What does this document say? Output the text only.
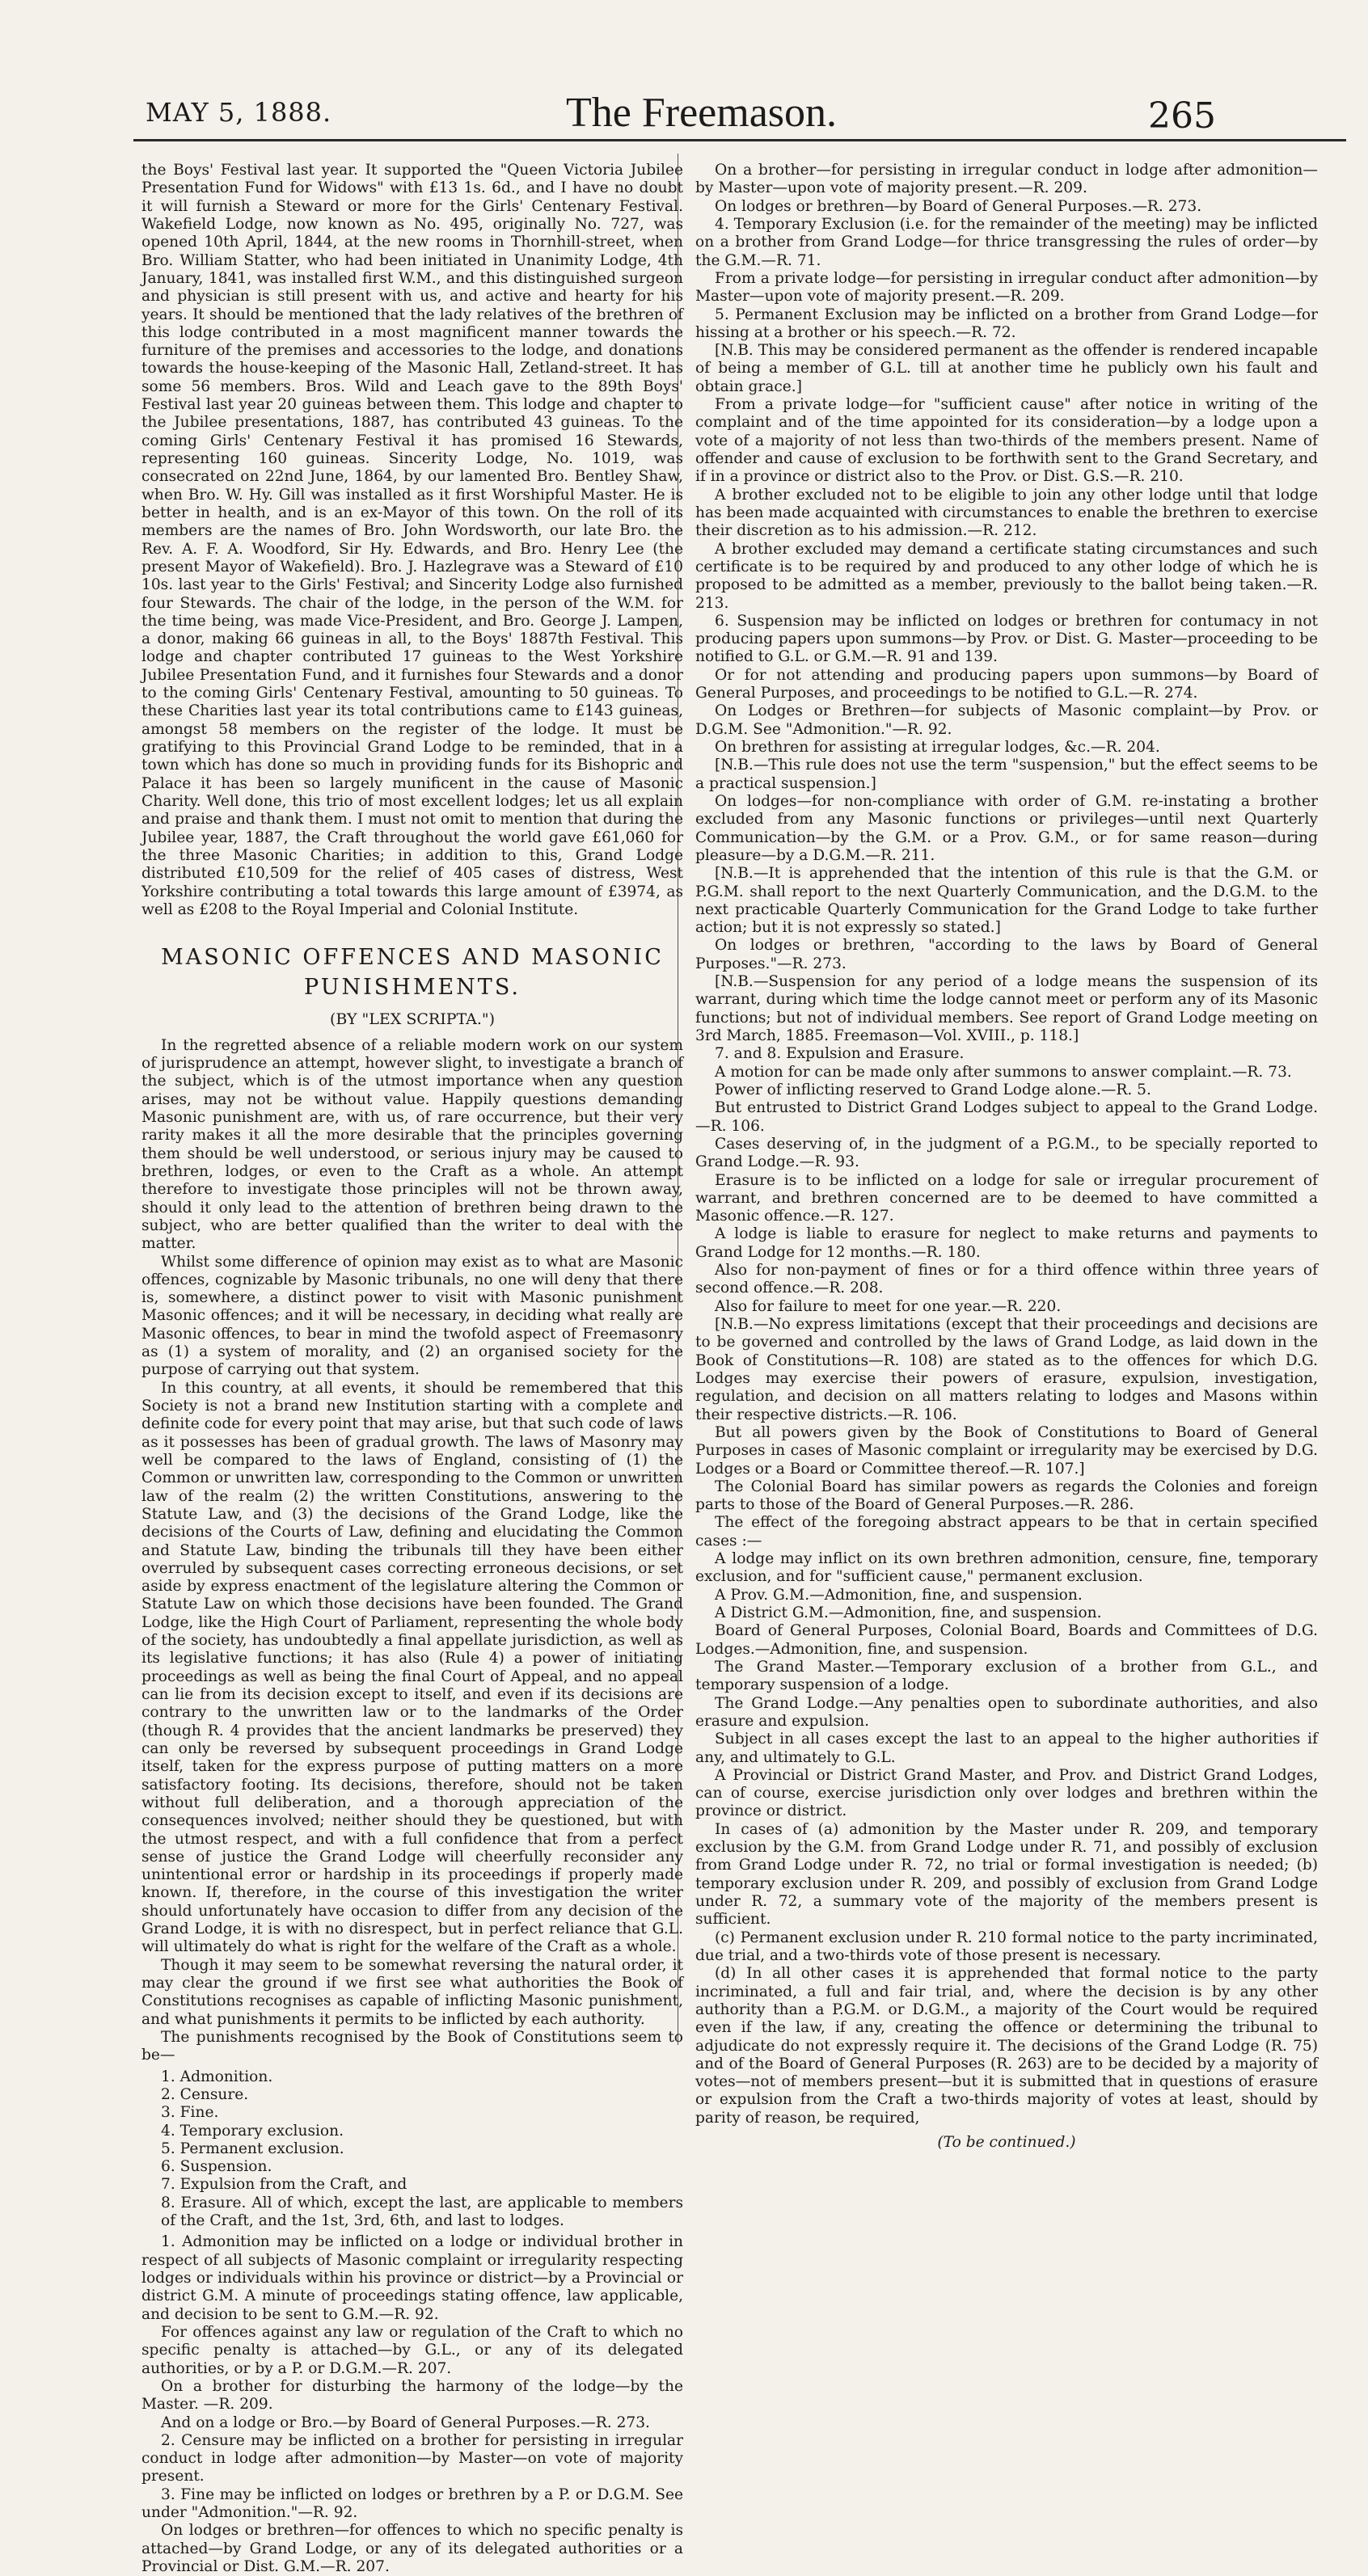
MAY 5, 1888.	The Freemason.	265

the Boys' Festival last year. It supported the "Queen Victoria Jubilee Presentation Fund for Widows" with £13 1s. 6d., and I have no doubt it will furnish a Steward or more for the Girls' Centenary Festival. Wakefield Lodge, now known as No. 495, originally No. 727, was opened 10th April, 1844, at the new rooms in Thornhill-street, when Bro. William Statter, who had been initiated in Unanimity Lodge, 4th January, 1841, was installed first W.M., and this distinguished surgeon and physician is still present with us, and active and hearty for his years. It should be mentioned that the lady relatives of the brethren of this lodge contributed in a most magnificent manner towards the furniture of the premises and accessories to the lodge, and donations towards the house-keeping of the Masonic Hall, Zetland-street. It has some 56 members. Bros. Wild and Leach gave to the 89th Boys' Festival last year 20 guineas between them. This lodge and chapter to the Jubilee presentations, 1887, has contributed 43 guineas. To the coming Girls' Centenary Festival it has promised 16 Stewards, representing 160 guineas. Sincerity Lodge, No. 1019, was consecrated on 22nd June, 1864, by our lamented Bro. Bentley Shaw, when Bro. W. Hy. Gill was installed as it first Worshipful Master. He is better in health, and is an ex-Mayor of this town. On the roll of its members are the names of Bro. John Wordsworth, our late Bro. the Rev. A. F. A. Woodford, Sir Hy. Edwards, and Bro. Henry Lee (the present Mayor of Wakefield). Bro. J. Hazlegrave was a Steward of £10 10s. last year to the Girls' Festival; and Sincerity Lodge also furnished four Stewards. The chair of the lodge, in the person of the W.M. for the time being, was made Vice-President, and Bro. George J. Lampen, a donor, making 66 guineas in all, to the Boys' 1887th Festival. This lodge and chapter contributed 17 guineas to the West Yorkshire Jubilee Presentation Fund, and it furnishes four Stewards and a donor to the coming Girls' Centenary Festival, amounting to 50 guineas. To these Charities last year its total contributions came to £143 guineas, amongst 58 members on the register of the lodge. It must be gratifying to this Provincial Grand Lodge to be reminded, that in a town which has done so much in providing funds for its Bishopric and Palace it has been so largely munificent in the cause of Masonic Charity. Well done, this trio of most excellent lodges; let us all explain and praise and thank them. I must not omit to mention that during the Jubilee year, 1887, the Craft throughout the world gave £61,060 for the three Masonic Charities; in addition to this, Grand Lodge distributed £10,509 for the relief of 405 cases of distress, West Yorkshire contributing a total towards this large amount of £3974, as well as £208 to the Royal Imperial and Colonial Institute.

MASONIC OFFENCES AND MASONIC PUNISHMENTS.
(BY "LEX SCRIPTA.")

In the regretted absence of a reliable modern work on our system of jurisprudence an attempt, however slight, to investigate a branch of the subject, which is of the utmost importance when any question arises, may not be without value. Happily questions demanding Masonic punishment are, with us, of rare occurrence, but their very rarity makes it all the more desirable that the principles governing them should be well understood, or serious injury may be caused to brethren, lodges, or even to the Craft as a whole. An attempt therefore to investigate those principles will not be thrown away, should it only lead to the attention of brethren being drawn to the subject, who are better qualified than the writer to deal with the matter.

Whilst some difference of opinion may exist as to what are Masonic offences, cognizable by Masonic tribunals, no one will deny that there is, somewhere, a distinct power to visit with Masonic punishment Masonic offences; and it will be necessary, in deciding what really are Masonic offences, to bear in mind the twofold aspect of Freemasonry as (1) a system of morality, and (2) an organised society for the purpose of carrying out that system.

In this country, at all events, it should be remembered that this Society is not a brand new Institution starting with a complete and definite code for every point that may arise, but that such code of laws as it possesses has been of gradual growth. The laws of Masonry may well be compared to the laws of England, consisting of (1) the Common or unwritten law, corresponding to the Common or unwritten law of the realm (2) the written Constitutions, answering to the Statute Law, and (3) the decisions of the Grand Lodge, like the decisions of the Courts of Law, defining and elucidating the Common and Statute Law, binding the tribunals till they have been either overruled by subsequent cases correcting erroneous decisions, or set aside by express enactment of the legislature altering the Common or Statute Law on which those decisions have been founded. The Grand Lodge, like the High Court of Parliament, representing the whole body of the society, has undoubtedly a final appellate jurisdiction, as well as its legislative functions; it has also (Rule 4) a power of initiating proceedings as well as being the final Court of Appeal, and no appeal can lie from its decision except to itself, and even if its decisions are contrary to the unwritten law or to the landmarks of the Order (though R. 4 provides that the ancient landmarks be preserved) they can only be reversed by subsequent proceedings in Grand Lodge itself, taken for the express purpose of putting matters on a more satisfactory footing. Its decisions, therefore, should not be taken without full deliberation, and a thorough appreciation of the consequences involved; neither should they be questioned, but with the utmost respect, and with a full confidence that from a perfect sense of justice the Grand Lodge will cheerfully reconsider any unintentional error or hardship in its proceedings if properly made known. If, therefore, in the course of this investigation the writer should unfortunately have occasion to differ from any decision of the Grand Lodge, it is with no disrespect, but in perfect reliance that G.L. will ultimately do what is right for the welfare of the Craft as a whole.

Though it may seem to be somewhat reversing the natural order, it may clear the ground if we first see what authorities the Book of Constitutions recognises as capable of inflicting Masonic punishment, and what punishments it permits to be inflicted by each authority.

The punishments recognised by the Book of Constitutions seem to be—

1. Admonition.
2. Censure.
3. Fine.
4. Temporary exclusion.
5. Permanent exclusion.
6. Suspension.
7. Expulsion from the Craft, and
8. Erasure. All of which, except the last, are applicable to members of the Craft, and the 1st, 3rd, 6th, and last to lodges.

1. Admonition may be inflicted on a lodge or individual brother in respect of all subjects of Masonic complaint or irregularity respecting lodges or individuals within his province or district—by a Provincial or district G.M. A minute of proceedings stating offence, law applicable, and decision to be sent to G.M.—R. 92.

For offences against any law or regulation of the Craft to which no specific penalty is attached—by G.L., or any of its delegated authorities, or by a P. or D.G.M.—R. 207.

On a brother for disturbing the harmony of the lodge—by the Master. —R. 209.

And on a lodge or Bro.—by Board of General Purposes.—R. 273.

2. Censure may be inflicted on a brother for persisting in irregular conduct in lodge after admonition—by Master—on vote of majority present.

3. Fine may be inflicted on lodges or brethren by a P. or D.G.M. See under "Admonition."—R. 92.

On lodges or brethren—for offences to which no specific penalty is attached—by Grand Lodge, or any of its delegated authorities or a Provincial or Dist. G.M.—R. 207.

On a brother—for persisting in irregular conduct in lodge after admonition—by Master—upon vote of majority present.—R. 209.

On lodges or brethren—by Board of General Purposes.—R. 273.

4. Temporary Exclusion (i.e. for the remainder of the meeting) may be inflicted on a brother from Grand Lodge—for thrice transgressing the rules of order—by the G.M.—R. 71.

From a private lodge—for persisting in irregular conduct after admonition—by Master—upon vote of majority present.—R. 209.

5. Permanent Exclusion may be inflicted on a brother from Grand Lodge—for hissing at a brother or his speech.—R. 72.

[N.B. This may be considered permanent as the offender is rendered incapable of being a member of G.L. till at another time he publicly own his fault and obtain grace.]

From a private lodge—for "sufficient cause" after notice in writing of the complaint and of the time appointed for its consideration—by a lodge upon a vote of a majority of not less than two-thirds of the members present. Name of offender and cause of exclusion to be forthwith sent to the Grand Secretary, and if in a province or district also to the Prov. or Dist. G.S.—R. 210.

A brother excluded not to be eligible to join any other lodge until that lodge has been made acquainted with circumstances to enable the brethren to exercise their discretion as to his admission.—R. 212.

A brother excluded may demand a certificate stating circumstances and such certificate is to be required by and produced to any other lodge of which he is proposed to be admitted as a member, previously to the ballot being taken.—R. 213.

6. Suspension may be inflicted on lodges or brethren for contumacy in not producing papers upon summons—by Prov. or Dist. G. Master—proceeding to be notified to G.L. or G.M.—R. 91 and 139.

Or for not attending and producing papers upon summons—by Board of General Purposes, and proceedings to be notified to G.L.—R. 274.

On Lodges or Brethren—for subjects of Masonic complaint—by Prov. or D.G.M. See "Admonition."—R. 92.

On brethren for assisting at irregular lodges, &c.—R. 204.

[N.B.—This rule does not use the term "suspension," but the effect seems to be a practical suspension.]

On lodges—for non-compliance with order of G.M. re-instating a brother excluded from any Masonic functions or privileges—until next Quarterly Communication—by the G.M. or a Prov. G.M., or for same reason—during pleasure—by a D.G.M.—R. 211.

[N.B.—It is apprehended that the intention of this rule is that the G.M. or P.G.M. shall report to the next Quarterly Communication, and the D.G.M. to the next practicable Quarterly Communication for the Grand Lodge to take further action; but it is not expressly so stated.]

On lodges or brethren, "according to the laws by Board of General Purposes."—R. 273.

[N.B.—Suspension for any period of a lodge means the suspension of its warrant, during which time the lodge cannot meet or perform any of its Masonic functions; but not of individual members. See report of Grand Lodge meeting on 3rd March, 1885. Freemason—Vol. XVIII., p. 118.]

7. and 8. Expulsion and Erasure.

A motion for can be made only after summons to answer complaint.—R. 73.

Power of inflicting reserved to Grand Lodge alone.—R. 5.

But entrusted to District Grand Lodges subject to appeal to the Grand Lodge.—R. 106.

Cases deserving of, in the judgment of a P.G.M., to be specially reported to Grand Lodge.—R. 93.

Erasure is to be inflicted on a lodge for sale or irregular procurement of warrant, and brethren concerned are to be deemed to have committed a Masonic offence.—R. 127.

A lodge is liable to erasure for neglect to make returns and payments to Grand Lodge for 12 months.—R. 180.

Also for non-payment of fines or for a third offence within three years of second offence.—R. 208.

Also for failure to meet for one year.—R. 220.

[N.B.—No express limitations (except that their proceedings and decisions are to be governed and controlled by the laws of Grand Lodge, as laid down in the Book of Constitutions—R. 108) are stated as to the offences for which D.G. Lodges may exercise their powers of erasure, expulsion, investigation, regulation, and decision on all matters relating to lodges and Masons within their respective districts.—R. 106.

But all powers given by the Book of Constitutions to Board of General Purposes in cases of Masonic complaint or irregularity may be exercised by D.G. Lodges or a Board or Committee thereof.—R. 107.]

The Colonial Board has similar powers as regards the Colonies and foreign parts to those of the Board of General Purposes.—R. 286.

The effect of the foregoing abstract appears to be that in certain specified cases :—

A lodge may inflict on its own brethren admonition, censure, fine, temporary exclusion, and for "sufficient cause," permanent exclusion.

A Prov. G.M.—Admonition, fine, and suspension.

A District G.M.—Admonition, fine, and suspension.

Board of General Purposes, Colonial Board, Boards and Committees of D.G. Lodges.—Admonition, fine, and suspension.

The Grand Master.—Temporary exclusion of a brother from G.L., and temporary suspension of a lodge.

The Grand Lodge.—Any penalties open to subordinate authorities, and also erasure and expulsion.

Subject in all cases except the last to an appeal to the higher authorities if any, and ultimately to G.L.

A Provincial or District Grand Master, and Prov. and District Grand Lodges, can of course, exercise jurisdiction only over lodges and brethren within the province or district.

In cases of (a) admonition by the Master under R. 209, and temporary exclusion by the G.M. from Grand Lodge under R. 71, and possibly of exclusion from Grand Lodge under R. 72, no trial or formal investigation is needed; (b) temporary exclusion under R. 209, and possibly of exclusion from Grand Lodge under R. 72, a summary vote of the majority of the members present is sufficient.

(c) Permanent exclusion under R. 210 formal notice to the party incriminated, due trial, and a two-thirds vote of those present is necessary.

(d) In all other cases it is apprehended that formal notice to the party incriminated, a full and fair trial, and, where the decision is by any other authority than a P.G.M. or D.G.M., a majority of the Court would be required even if the law, if any, creating the offence or determining the tribunal to adjudicate do not expressly require it. The decisions of the Grand Lodge (R. 75) and of the Board of General Purposes (R. 263) are to be decided by a majority of votes—not of members present—but it is submitted that in questions of erasure or expulsion from the Craft a two-thirds majority of votes at least, should by parity of reason, be required,

(To be continued.)
